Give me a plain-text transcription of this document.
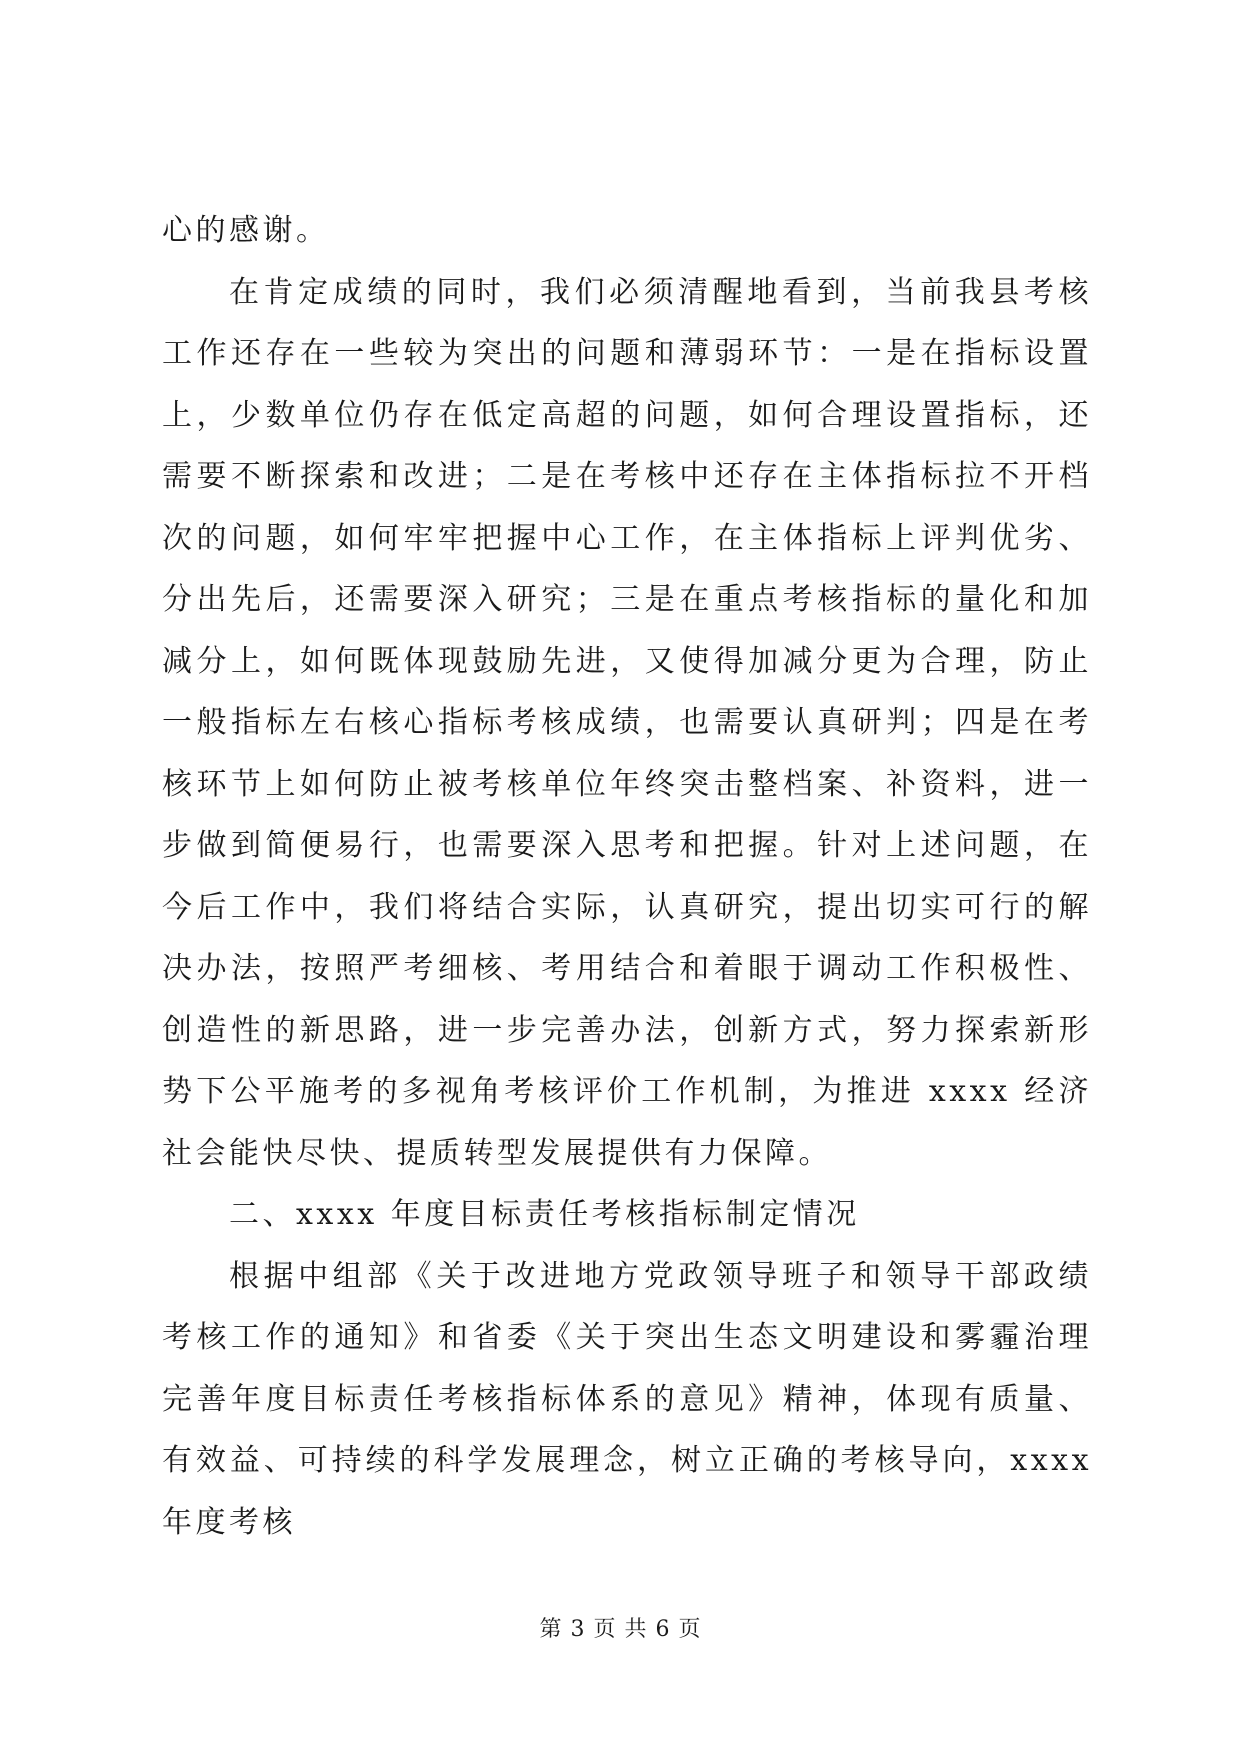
心的感谢。

在肯定成绩的同时，我们必须清醒地看到，当前我县考核工作还存在一些较为突出的问题和薄弱环节：一是在指标设置上，少数单位仍存在低定高超的问题，如何合理设置指标，还需要不断探索和改进；二是在考核中还存在主体指标拉不开档次的问题，如何牢牢把握中心工作，在主体指标上评判优劣、分出先后，还需要深入研究；三是在重点考核指标的量化和加减分上，如何既体现鼓励先进，又使得加减分更为合理，防止一般指标左右核心指标考核成绩，也需要认真研判；四是在考核环节上如何防止被考核单位年终突击整档案、补资料，进一步做到简便易行，也需要深入思考和把握。针对上述问题，在今后工作中，我们将结合实际，认真研究，提出切实可行的解决办法，按照严考细核、考用结合和着眼于调动工作积极性、创造性的新思路，进一步完善办法，创新方式，努力探索新形势下公平施考的多视角考核评价工作机制，为推进 xxxx 经济社会能快尽快、提质转型发展提供有力保障。

二、xxxx 年度目标责任考核指标制定情况

根据中组部《关于改进地方党政领导班子和领导干部政绩考核工作的通知》和省委《关于突出生态文明建设和雾霾治理完善年度目标责任考核指标体系的意见》精神，体现有质量、有效益、可持续的科学发展理念，树立正确的考核导向，xxxx 年度考核

第 3 页 共 6 页
